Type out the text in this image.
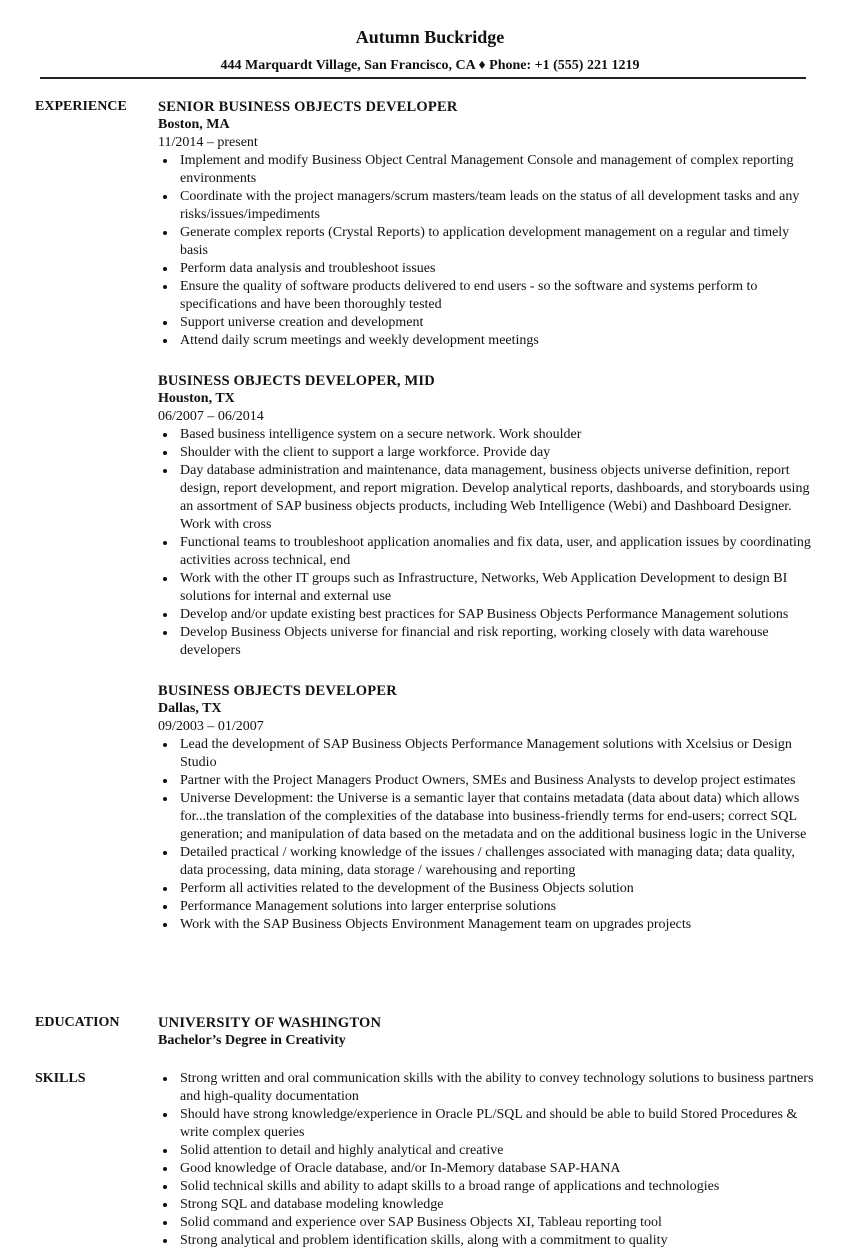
Autumn Buckridge
444 Marquardt Village, San Francisco, CA ♦ Phone: +1 (555) 221 1219
EXPERIENCE SENIOR BUSINESS OBJECTS DEVELOPER
Boston, MA
11/2014 – present
Implement and modify Business Object Central Management Console and management of complex reporting environments
Coordinate with the project managers/scrum masters/team leads on the status of all development tasks and any risks/issues/impediments
Generate complex reports (Crystal Reports) to application development management on a regular and timely basis
Perform data analysis and troubleshoot issues
Ensure the quality of software products delivered to end users - so the software and systems perform to specifications and have been thoroughly tested
Support universe creation and development
Attend daily scrum meetings and weekly development meetings
BUSINESS OBJECTS DEVELOPER, MID
Houston, TX
06/2007 – 06/2014
Based business intelligence system on a secure network. Work shoulder
Shoulder with the client to support a large workforce. Provide day
Day database administration and maintenance, data management, business objects universe definition, report design, report development, and report migration. Develop analytical reports, dashboards, and storyboards using an assortment of SAP business objects products, including Web Intelligence (Webi) and Dashboard Designer. Work with cross
Functional teams to troubleshoot application anomalies and fix data, user, and application issues by coordinating activities across technical, end
Work with the other IT groups such as Infrastructure, Networks, Web Application Development to design BI solutions for internal and external use
Develop and/or update existing best practices for SAP Business Objects Performance Management solutions
Develop Business Objects universe for financial and risk reporting, working closely with data warehouse developers
BUSINESS OBJECTS DEVELOPER
Dallas, TX
09/2003 – 01/2007
Lead the development of SAP Business Objects Performance Management solutions with Xcelsius or Design Studio
Partner with the Project Managers Product Owners, SMEs and Business Analysts to develop project estimates
Universe Development: the Universe is a semantic layer that contains metadata (data about data) which allows for...the translation of the complexities of the database into business-friendly terms for end-users; correct SQL generation; and manipulation of data based on the metadata and on the additional business logic in the Universe
Detailed practical / working knowledge of the issues / challenges associated with managing data; data quality, data processing, data mining, data storage / warehousing and reporting
Perform all activities related to the development of the Business Objects solution
Performance Management solutions into larger enterprise solutions
Work with the SAP Business Objects Environment Management team on upgrades projects
EDUCATION	UNIVERSITY OF WASHINGTON
Bachelor’s Degree in Creativity
SKILLS	Strong written and oral communication skills with the ability to convey technology solutions to business partners and high-quality documentation
Should have strong knowledge/experience in Oracle PL/SQL and should be able to build Stored Procedures & write complex queries
Solid attention to detail and highly analytical and creative
Good knowledge of Oracle database, and/or In-Memory database SAP-HANA
Solid technical skills and ability to adapt skills to a broad range of applications and technologies
Strong SQL and database modeling knowledge
Solid command and experience over SAP Business Objects XI, Tableau reporting tool
Strong analytical and problem identification skills, along with a commitment to quality
